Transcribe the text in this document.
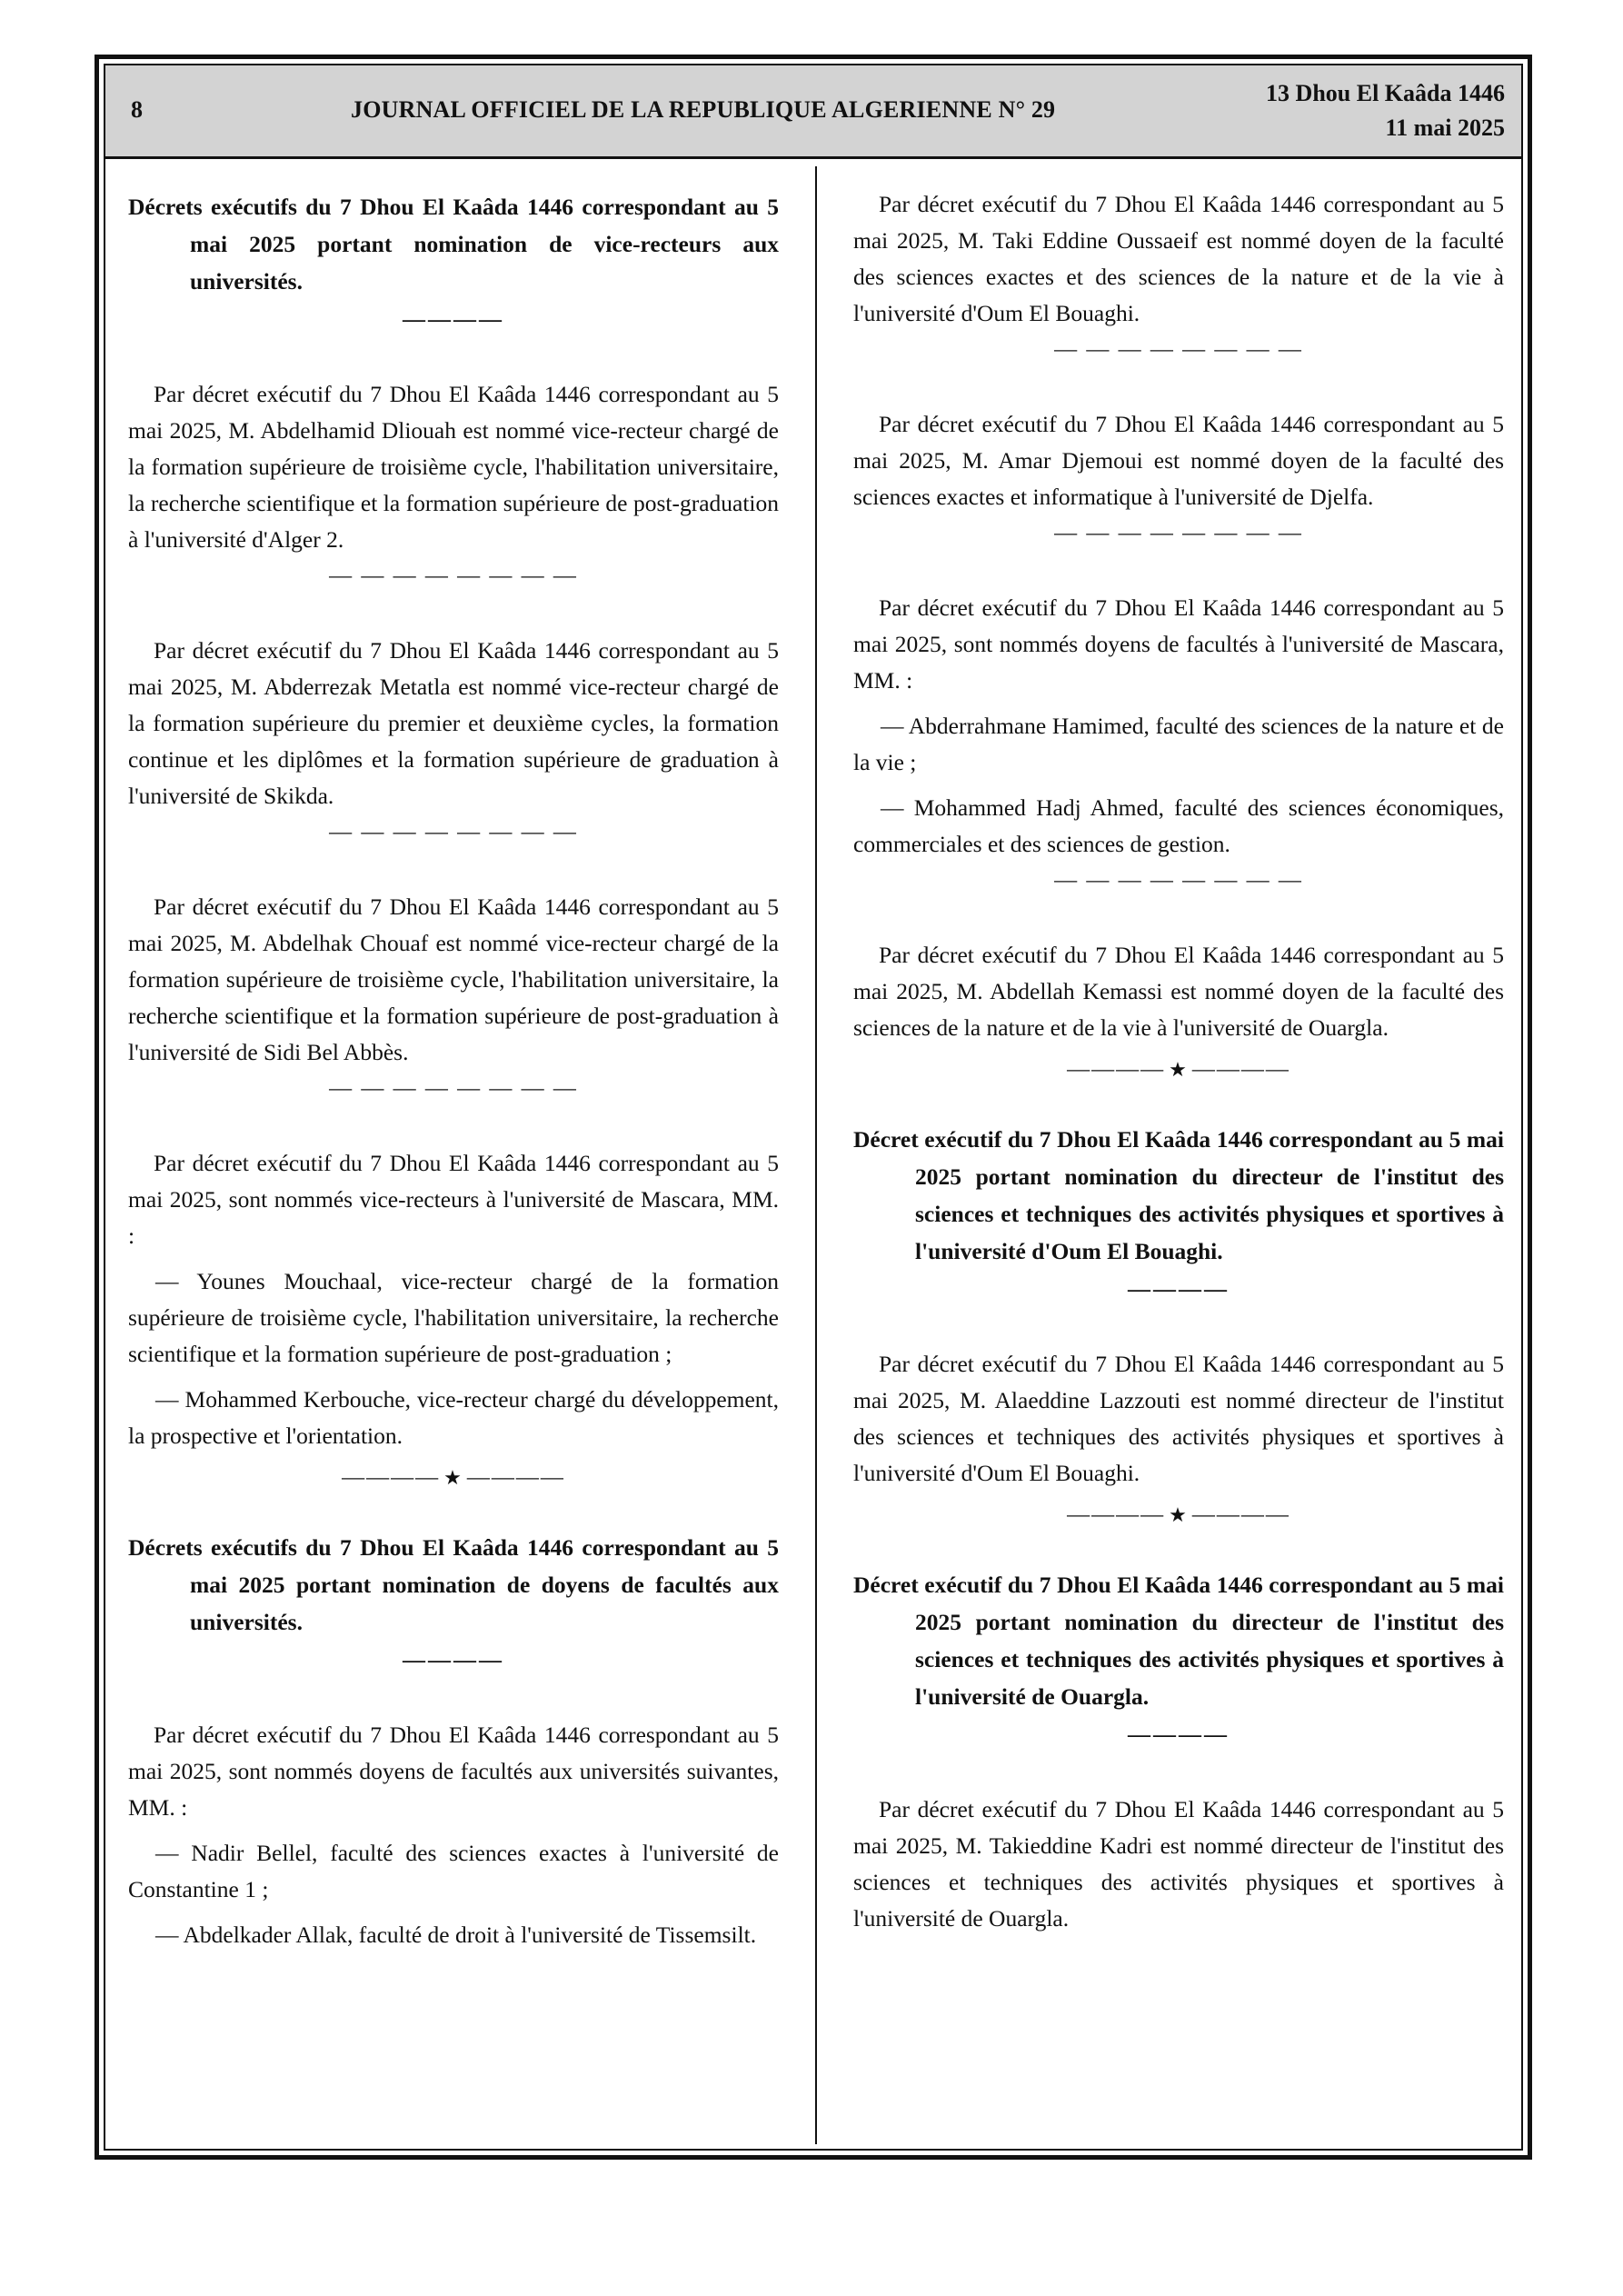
8	JOURNAL OFFICIEL DE LA REPUBLIQUE ALGERIENNE N° 29
13 Dhou El Kaâda 1446
11 mai 2025

Décrets exécutifs du 7 Dhou El Kaâda 1446 correspondant au 5 mai 2025 portant nomination de vice-recteurs aux universités.

————

Par décret exécutif du 7 Dhou El Kaâda 1446 correspondant au 5 mai 2025, M. Abdelhamid Dliouah est nommé vice-recteur chargé de la formation supérieure de troisième cycle, l'habilitation universitaire, la recherche scientifique et la formation supérieure de post-graduation à l'université d'Alger 2.

— — — — — — — —

Par décret exécutif du 7 Dhou El Kaâda 1446 correspondant au 5 mai 2025, M. Abderrezak Metatla est nommé vice-recteur chargé de la formation supérieure du premier et deuxième cycles, la formation continue et les diplômes et la formation supérieure de graduation à l'université de Skikda.

— — — — — — — —

Par décret exécutif du 7 Dhou El Kaâda 1446 correspondant au 5 mai 2025, M. Abdelhak Chouaf est nommé vice-recteur chargé de la formation supérieure de troisième cycle, l'habilitation universitaire, la recherche scientifique et la formation supérieure de post-graduation à l'université de Sidi Bel Abbès.

— — — — — — — —

Par décret exécutif du 7 Dhou El Kaâda 1446 correspondant au 5 mai 2025, sont nommés vice-recteurs à l'université de Mascara, MM. :

— Younes Mouchaal, vice-recteur chargé de la formation supérieure de troisième cycle, l'habilitation universitaire, la recherche scientifique et la formation supérieure de post-graduation ;

— Mohammed Kerbouche, vice-recteur chargé du développement, la prospective et l'orientation.

———— ★ ————

Décrets exécutifs du 7 Dhou El Kaâda 1446 correspondant au 5 mai 2025 portant nomination de doyens de facultés aux universités.

————

Par décret exécutif du 7 Dhou El Kaâda 1446 correspondant au 5 mai 2025, sont nommés doyens de facultés aux universités suivantes, MM. :

— Nadir Bellel, faculté des sciences exactes à l'université de Constantine 1 ;

— Abdelkader Allak, faculté de droit à l'université de Tissemsilt.

Par décret exécutif du 7 Dhou El Kaâda 1446 correspondant au 5 mai 2025, M. Taki Eddine Oussaeif est nommé doyen de la faculté des sciences exactes et des sciences de la nature et de la vie à l'université d'Oum El Bouaghi.

— — — — — — — —

Par décret exécutif du 7 Dhou El Kaâda 1446 correspondant au 5 mai 2025, M. Amar Djemoui est nommé doyen de la faculté des sciences exactes et informatique à l'université de Djelfa.

— — — — — — — —

Par décret exécutif du 7 Dhou El Kaâda 1446 correspondant au 5 mai 2025, sont nommés doyens de facultés à l'université de Mascara, MM. :

— Abderrahmane Hamimed, faculté des sciences de la nature et de la vie ;

— Mohammed Hadj Ahmed, faculté des sciences économiques, commerciales et des sciences de gestion.

— — — — — — — —

Par décret exécutif du 7 Dhou El Kaâda 1446 correspondant au 5 mai 2025, M. Abdellah Kemassi est nommé doyen de la faculté des sciences de la nature et de la vie à l'université de Ouargla.

———— ★ ————

Décret exécutif du 7 Dhou El Kaâda 1446 correspondant au 5 mai 2025 portant nomination du directeur de l'institut des sciences et techniques des activités physiques et sportives à l'université d'Oum El Bouaghi.

————

Par décret exécutif du 7 Dhou El Kaâda 1446 correspondant au 5 mai 2025, M. Alaeddine Lazzouti est nommé directeur de l'institut des sciences et techniques des activités physiques et sportives à l'université d'Oum El Bouaghi.

———— ★ ————

Décret exécutif du 7 Dhou El Kaâda 1446 correspondant au 5 mai 2025 portant nomination du directeur de l'institut des sciences et techniques des activités physiques et sportives à l'université de Ouargla.

————

Par décret exécutif du 7 Dhou El Kaâda 1446 correspondant au 5 mai 2025, M. Takieddine Kadri est nommé directeur de l'institut des sciences et techniques des activités physiques et sportives à l'université de Ouargla.
